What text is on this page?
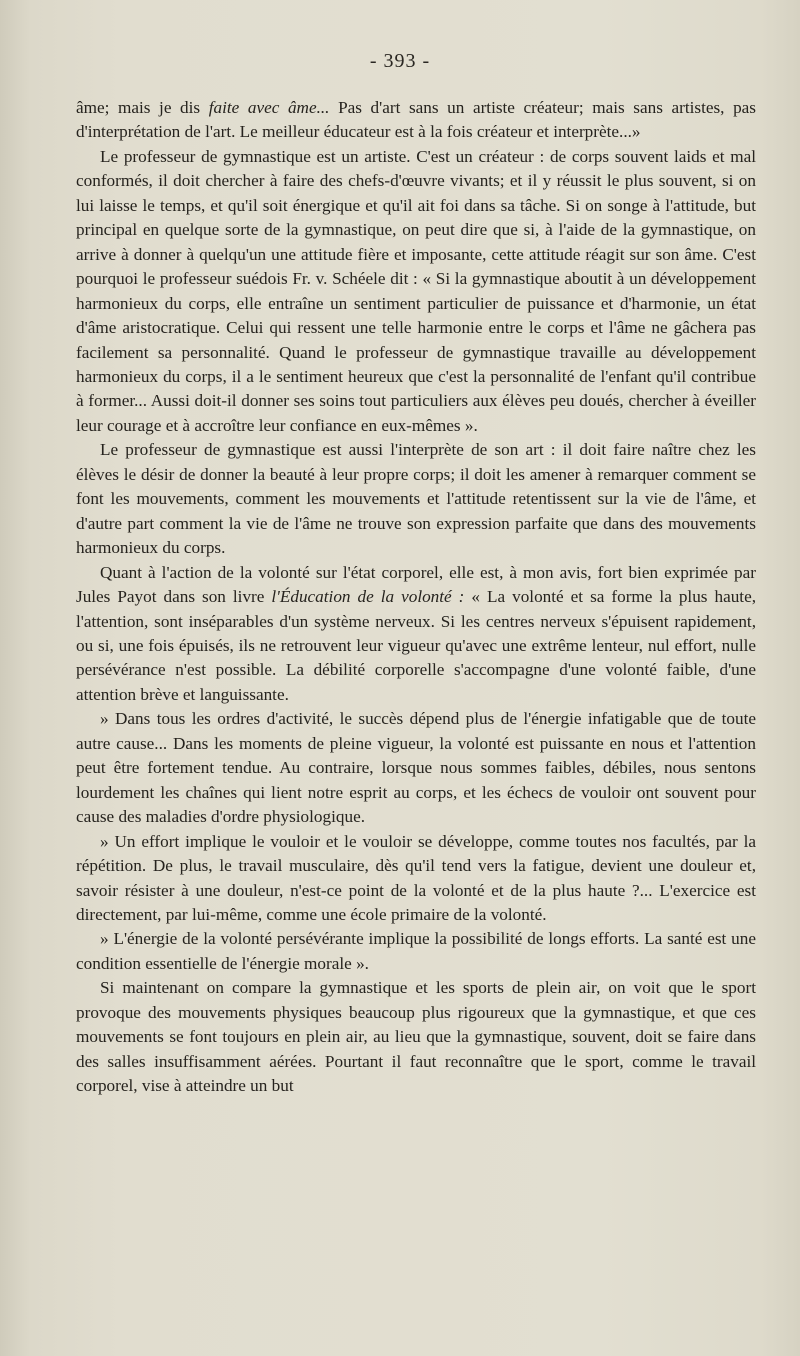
- 393 -

âme; mais je dis faite avec âme... Pas d'art sans un artiste créateur; mais sans artistes, pas d'interprétation de l'art. Le meilleur éducateur est à la fois créateur et interprète...»

Le professeur de gymnastique est un artiste. C'est un créateur : de corps souvent laids et mal conformés, il doit chercher à faire des chefs-d'œuvre vivants; et il y réussit le plus souvent, si on lui laisse le temps, et qu'il soit énergique et qu'il ait foi dans sa tâche. Si on songe à l'attitude, but principal en quelque sorte de la gymnastique, on peut dire que si, à l'aide de la gymnastique, on arrive à donner à quelqu'un une attitude fière et imposante, cette attitude réagit sur son âme. C'est pourquoi le professeur suédois Fr. v. Schéele dit : « Si la gymnastique aboutit à un développement harmonieux du corps, elle entraîne un sentiment particulier de puissance et d'harmonie, un état d'âme aristocratique. Celui qui ressent une telle harmonie entre le corps et l'âme ne gâchera pas facilement sa personnalité. Quand le professeur de gymnastique travaille au développement harmonieux du corps, il a le sentiment heureux que c'est la personnalité de l'enfant qu'il contribue à former... Aussi doit-il donner ses soins tout particuliers aux élèves peu doués, chercher à éveiller leur courage et à accroître leur confiance en eux-mêmes ».

Le professeur de gymnastique est aussi l'interprète de son art : il doit faire naître chez les élèves le désir de donner la beauté à leur propre corps; il doit les amener à remarquer comment se font les mouvements, comment les mouvements et l'attitude retentissent sur la vie de l'âme, et d'autre part comment la vie de l'âme ne trouve son expression parfaite que dans des mouvements harmonieux du corps.

Quant à l'action de la volonté sur l'état corporel, elle est, à mon avis, fort bien exprimée par Jules Payot dans son livre l'Éducation de la volonté : « La volonté et sa forme la plus haute, l'attention, sont inséparables d'un système nerveux. Si les centres nerveux s'épuisent rapidement, ou si, une fois épuisés, ils ne retrouvent leur vigueur qu'avec une extrême lenteur, nul effort, nulle persévérance n'est possible. La débilité corporelle s'accompagne d'une volonté faible, d'une attention brève et languissante.

» Dans tous les ordres d'activité, le succès dépend plus de l'énergie infatigable que de toute autre cause... Dans les moments de pleine vigueur, la volonté est puissante en nous et l'attention peut être fortement tendue. Au contraire, lorsque nous sommes faibles, débiles, nous sentons lourdement les chaînes qui lient notre esprit au corps, et les échecs de vouloir ont souvent pour cause des maladies d'ordre physiologique.

» Un effort implique le vouloir et le vouloir se développe, comme toutes nos facultés, par la répétition. De plus, le travail musculaire, dès qu'il tend vers la fatigue, devient une douleur et, savoir résister à une douleur, n'est-ce point de la volonté et de la plus haute ?... L'exercice est directement, par lui-même, comme une école primaire de la volonté.

» L'énergie de la volonté persévérante implique la possibilité de longs efforts. La santé est une condition essentielle de l'énergie morale ».

Si maintenant on compare la gymnastique et les sports de plein air, on voit que le sport provoque des mouvements physiques beaucoup plus rigoureux que la gymnastique, et que ces mouvements se font toujours en plein air, au lieu que la gymnastique, souvent, doit se faire dans des salles insuffisamment aérées. Pourtant il faut reconnaître que le sport, comme le travail corporel, vise à atteindre un but
